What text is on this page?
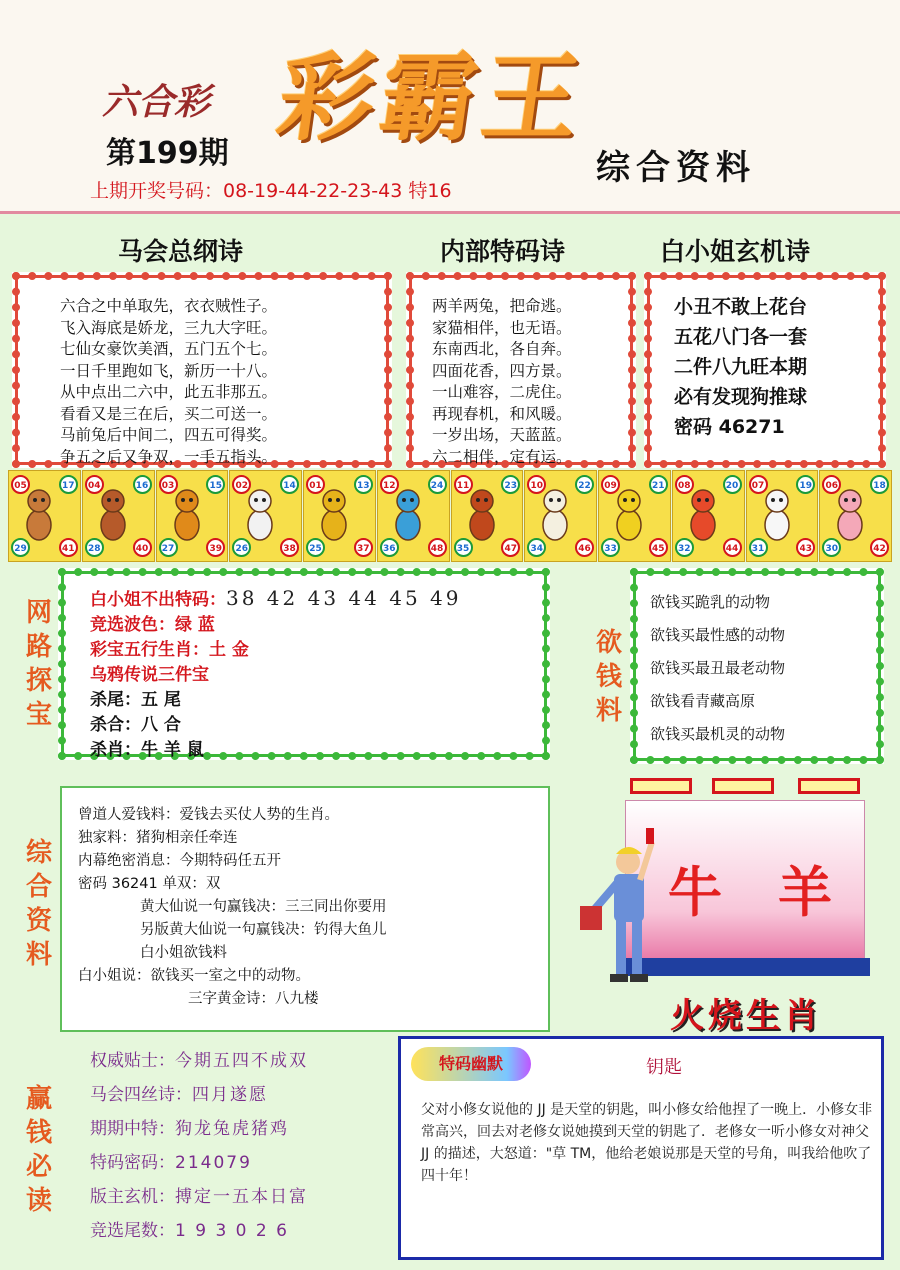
六合彩
第199期 彩霸王
综合资料
上期开奖号码：08-19-44-22-23-43 特16
马会总纲诗	内部特码诗	白小姐玄机诗
六合之中单取先，衣衣贼性子。
飞入海底是娇龙，三九大字旺。
七仙女豪饮美酒，五门五个七。
一日千里跑如飞，新历一十八。
从中点出二六中，此五非那五。
看看又是三在后，买二可送一。
马前兔后中间二，四五可得奖。
争五之后又争双，一手五指头。
两羊两兔，把命逃。
家猫相伴，也无语。
东南西北，各自奔。
四面花香，四方景。
一山难容，二虎住。
再现春机，和风暖。
一岁出场，天蓝蓝。
六二相伴，定有运。
小丑不敢上花台
五花八门各一套
二件八九旺本期
必有发现狗推球
密码 46271
05	17
29	41
04	16
28	40
03	15
27	39
02	14
26	38
01	13
25	37
12	24
36	48
11	23
35	47
10	22
34	46
09	21
33	45
08	20
32	44
07	19
31	43
06	18
30	42
网
路
探
宝
白小姐不出特码：38 42 43 44 45 49
竞选波色：绿 蓝
彩宝五行生肖：土 金
乌鸦传说三件宝
杀尾：五 尾
杀合：八 合
杀肖：牛 羊 鼠
欲
钱
料
欲钱买跪乳的动物
欲钱买最性感的动物
欲钱买最丑最老动物
欲钱看青藏高原
欲钱买最机灵的动物
综
合
资
料
曾道人爱钱料：爱钱去买仗人势的生肖。
独家料：猪狗相亲任牵连
内幕绝密消息：今期特码任五开
密码 36241 单双：双
黄大仙说一句赢钱决：三三同出你要用
另版黄大仙说一句赢钱决：钓得大鱼儿
白小姐欲钱料
白小姐说：欲钱买一室之中的动物。
三字黄金诗：八九楼
牛 羊
火烧生肖
赢
钱
必
读
权威贴士：今期五四不成双
马会四丝诗：四月遂愿
期期中特：狗龙兔虎猪鸡
特码密码：214079
版主玄机：搏定一五本日富
竞选尾数：1 9 3 0 2 6
特码幽默	钥匙
父对小修女说他的 JJ 是天堂的钥匙，叫小修女给他捏了一晚上．小修女非常高兴，回去对老修女说她摸到天堂的钥匙了．老修女一听小修女对神父 JJ 的描述，大怒道："草 TM，他给老娘说那是天堂的号角，叫我给他吹了四十年！
